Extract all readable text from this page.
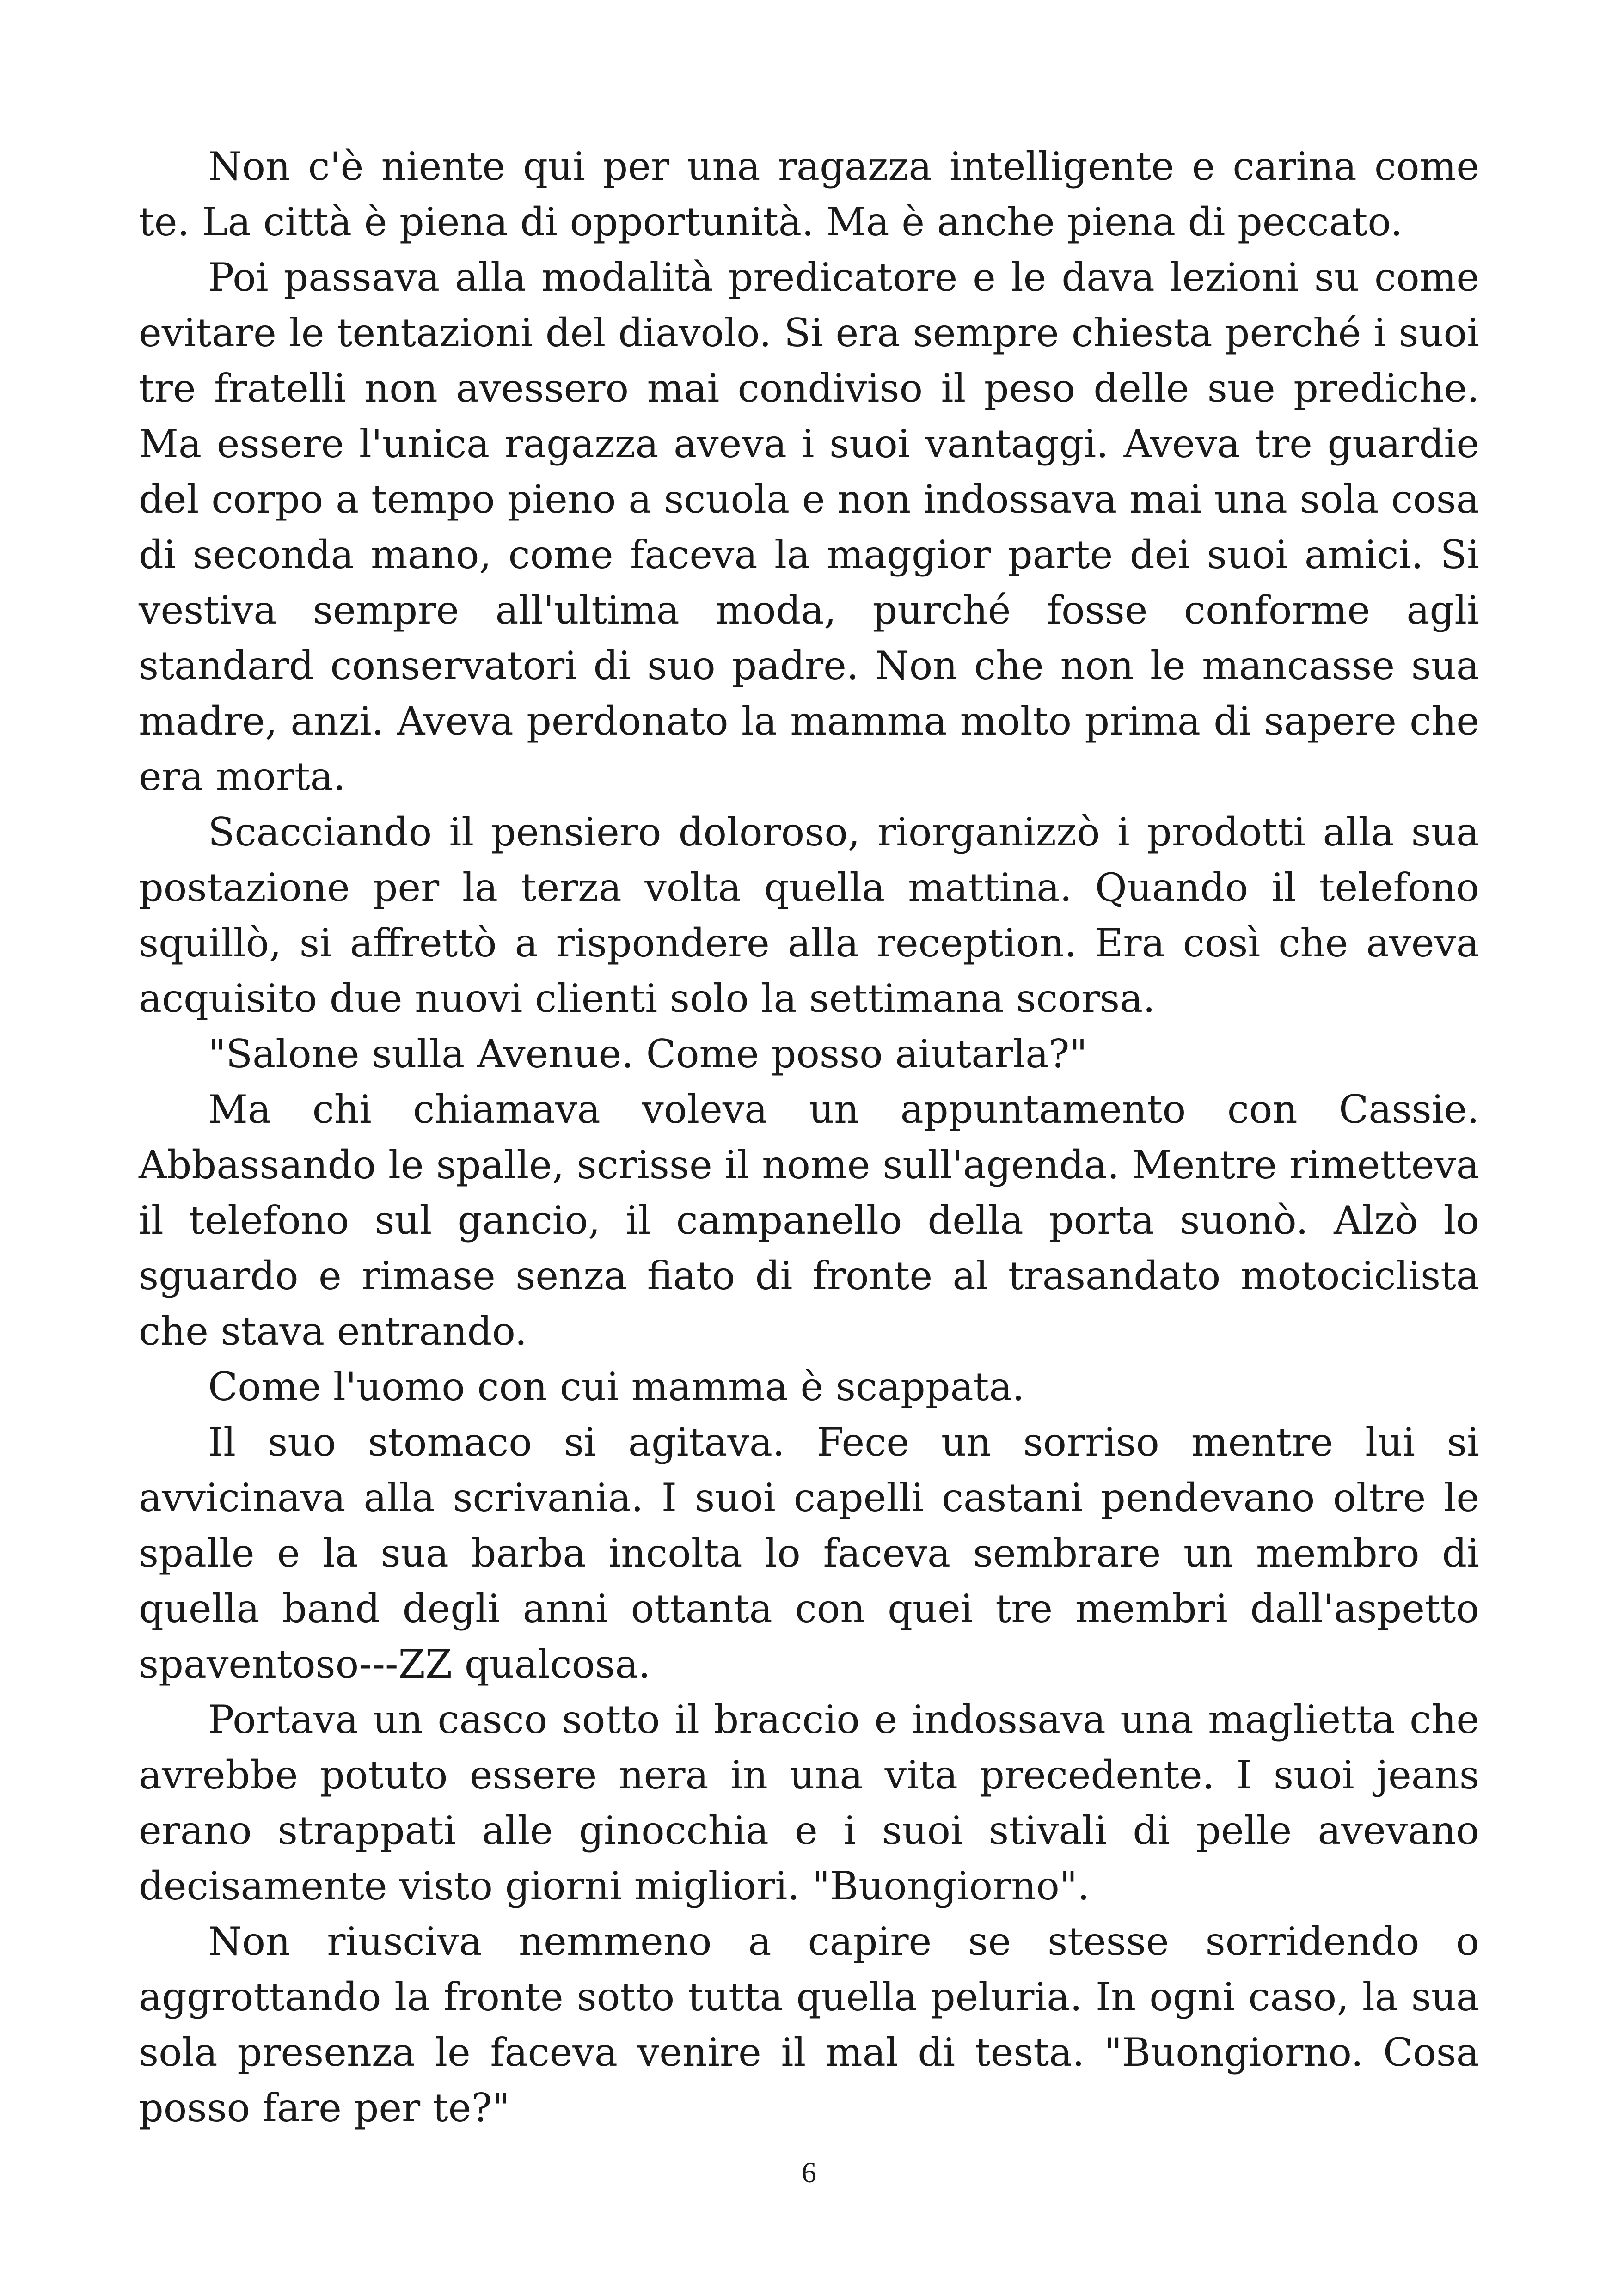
Non c'è niente qui per una ragazza intelligente e carina come te. La città è piena di opportunità. Ma è anche piena di peccato.

Poi passava alla modalità predicatore e le dava lezioni su come evitare le tentazioni del diavolo. Si era sempre chiesta perché i suoi tre fratelli non avessero mai condiviso il peso delle sue prediche. Ma essere l'unica ragazza aveva i suoi vantaggi. Aveva tre guardie del corpo a tempo pieno a scuola e non indossava mai una sola cosa di seconda mano, come faceva la maggior parte dei suoi amici. Si vestiva sempre all'ultima moda, purché fosse conforme agli standard conservatori di suo padre. Non che non le mancasse sua madre, anzi. Aveva perdonato la mamma molto prima di sapere che era morta.

Scacciando il pensiero doloroso, riorganizzò i prodotti alla sua postazione per la terza volta quella mattina. Quando il telefono squillò, si affrettò a rispondere alla reception. Era così che aveva acquisito due nuovi clienti solo la settimana scorsa.

"Salone sulla Avenue. Come posso aiutarla?"

Ma chi chiamava voleva un appuntamento con Cassie. Abbassando le spalle, scrisse il nome sull'agenda. Mentre rimetteva il telefono sul gancio, il campanello della porta suonò. Alzò lo sguardo e rimase senza fiato di fronte al trasandato motociclista che stava entrando.

Come l'uomo con cui mamma è scappata.

Il suo stomaco si agitava. Fece un sorriso mentre lui si avvicinava alla scrivania. I suoi capelli castani pendevano oltre le spalle e la sua barba incolta lo faceva sembrare un membro di quella band degli anni ottanta con quei tre membri dall'aspetto spaventoso---ZZ qualcosa.

Portava un casco sotto il braccio e indossava una maglietta che avrebbe potuto essere nera in una vita precedente. I suoi jeans erano strappati alle ginocchia e i suoi stivali di pelle avevano decisamente visto giorni migliori. "Buongiorno".

Non riusciva nemmeno a capire se stesse sorridendo o aggrottando la fronte sotto tutta quella peluria. In ogni caso, la sua sola presenza le faceva venire il mal di testa. "Buongiorno. Cosa posso fare per te?"

6
